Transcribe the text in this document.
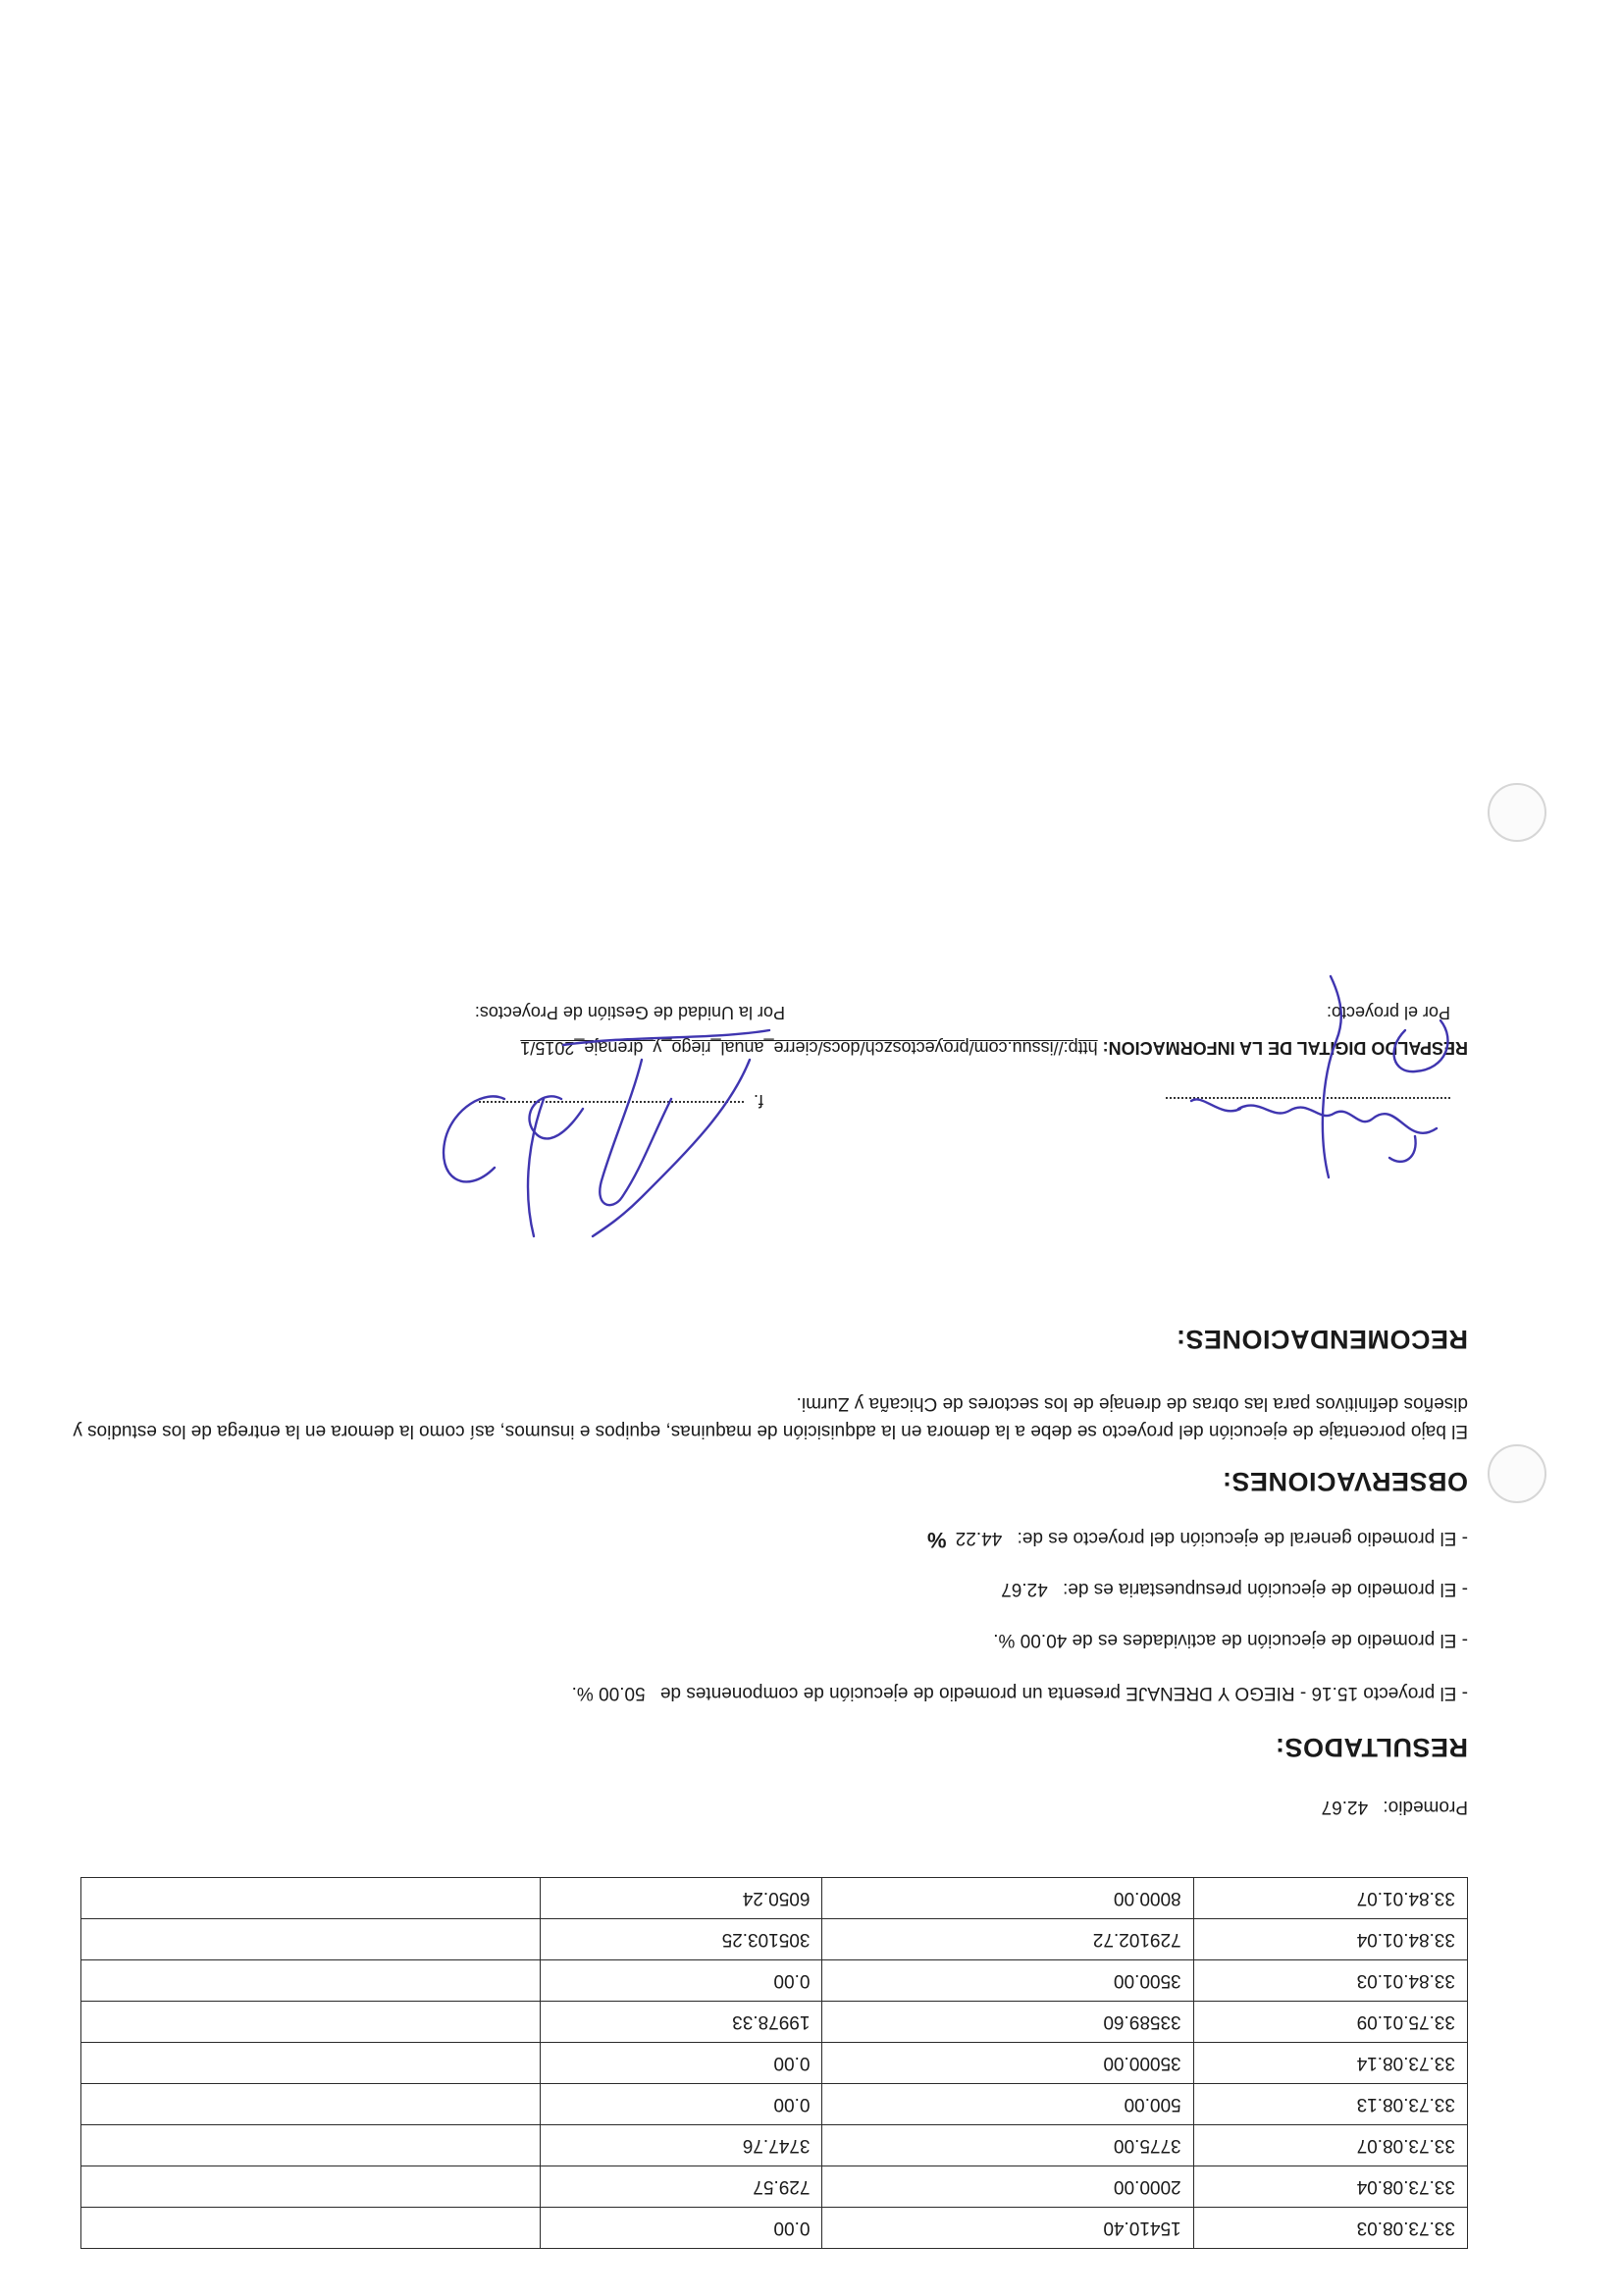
33.73.08.03	15410.40	0.00	
33.73.08.04	2000.00	729.57	
33.73.08.07	3775.00	3747.76	
33.73.08.13	500.00	0.00	
33.73.08.14	35000.00	0.00	
33.75.01.09	33589.60	19978.33	
33.84.01.03	3500.00	0.00	
33.84.01.04	729102.72	305103.25	
33.84.01.07	8000.00	6050.24	
Promedio: 42.67
RESULTADOS:
- El proyecto 15.16 - RIEGO Y DRENAJE presenta un promedio de ejecución de componentes de 50.00 %.
- El promedio de ejecución de actividades es de 40.00 %.
- El promedio de ejecución presupuestaria es de: 42.67
- El promedio general de ejecución del proyecto es de: 44.22 %
OBSERVACIONES:
El bajo porcentaje de ejecución del proyecto se debe a la demora en la adquisición de maquinas, equipos e insumos, así como la demora en la entrega de los estudios y diseños definitivos para las obras de drenaje de los sectores de Chicaña y Zurmi.
RECOMENDACIONES:
RESPALDO DIGITAL DE LA INFORMACION: http://issuu.com/proyectoszch/docs/cierre_anual_riego_y_drenaje_2015/1
Por el proyecto:
Por la Unidad de Gestión de Proyectos:
f.
